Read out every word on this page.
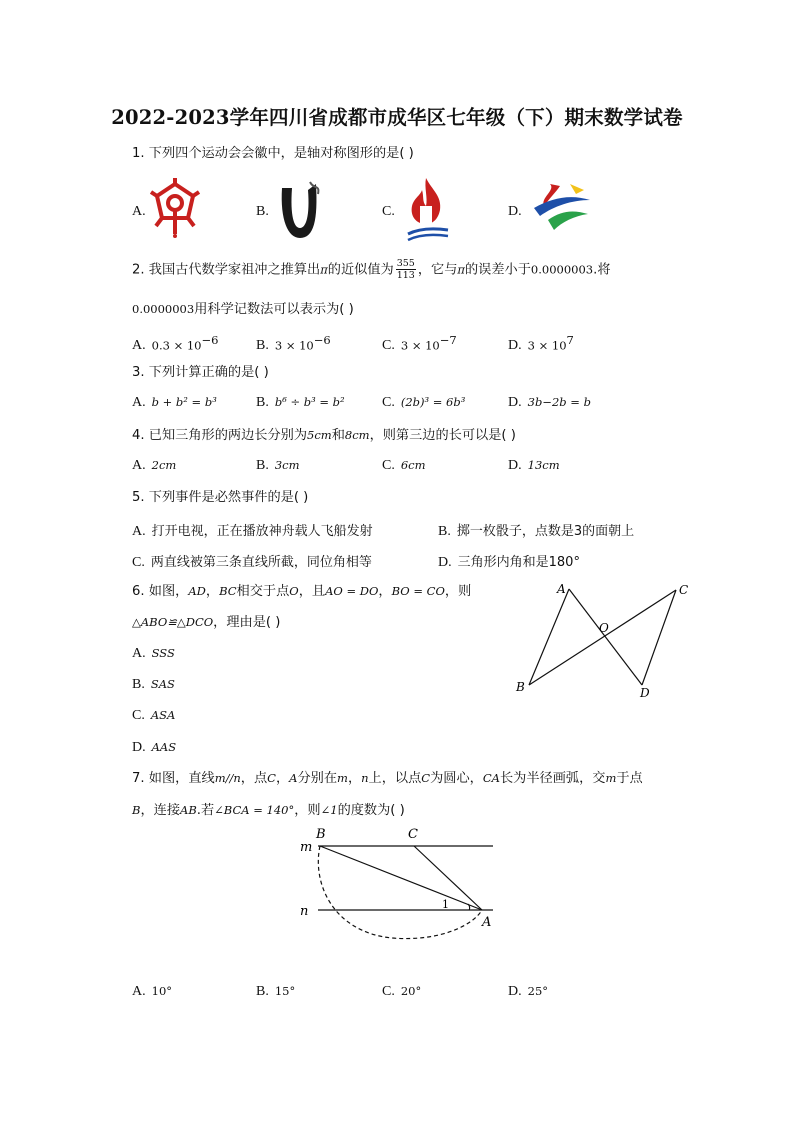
2022-2023学年四川省成都市成华区七年级（下）期末数学试卷
1. 下列四个运动会会徽中，是轴对称图形的是( )
A.	B.	C.	D.
2. 我国古代数学家祖冲之推算出π的近似值为 $\frac{355}{113}$ ，它与π的误差小于0.0000003.将
0.0000003用科学记数法可以表示为( )
A. $0.3 \times 10^{-6}$	B. $3 \times 10^{-6}$	C. $3 \times 10^{-7}$	D. $3 \times 10^7$
3. 下列计算正确的是( )
A. b + b² = b³	B. b⁶ ÷ b³ = b²	C. (2b)³ = 6b³	D. 3b−2b = b
4. 已知三角形的两边长分别为5cm和8cm，则第三边的长可以是( )
A. 2cm	B. 3cm	C. 6cm	D. 13cm
5. 下列事件是必然事件的是( )
A. 打开电视，正在播放神舟载人飞船发射	B. 掷一枚骰子，点数是3的面朝上
C. 两直线被第三条直线所截，同位角相等	D. 三角形内角和是180°
6. 如图，AD，BC相交于点O，且AO = DO，BO = CO，则
△ABO≌△DCO，理由是( )
A. SSS
B. SAS
C. ASA
D. AAS
A
B
C
D
O
7. 如图，直线m//n，点C，A分别在m，n上，以点C为圆心，CA长为半径画弧，交m于点
B，连接AB.若∠BCA = 140°，则∠1的度数为( )
B	C
m
n
A
1
A. 10°	B. 15°	C. 20°	D. 25°
